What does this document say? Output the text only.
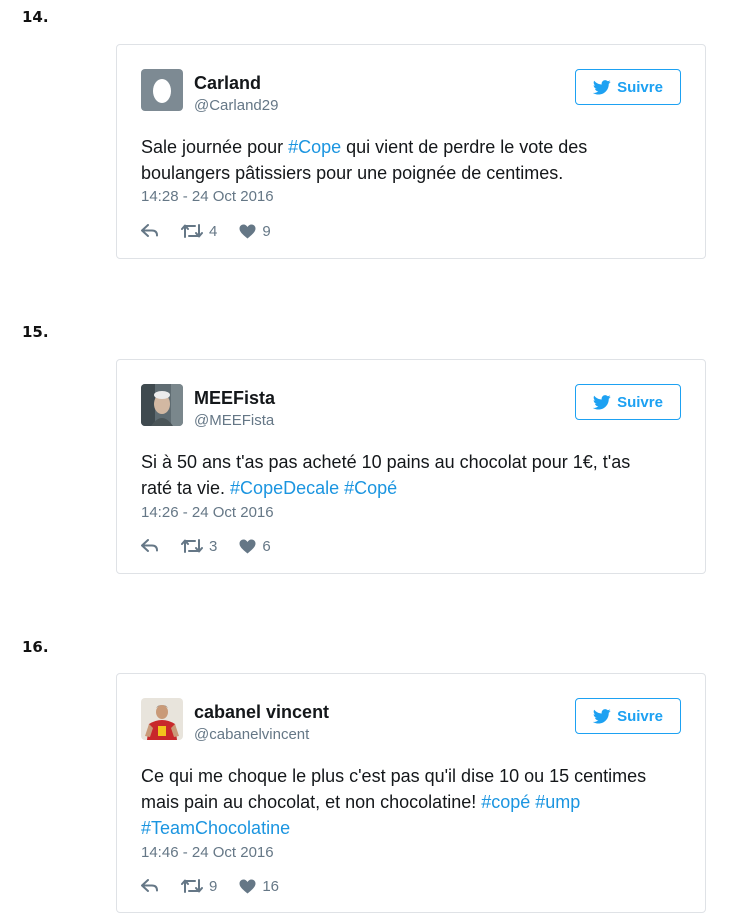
14.
Carland
@Carland29
Suivre
Sale journée pour #Cope qui vient de perdre le vote des
boulangers pâtissiers pour une poignée de centimes.
14:28 - 24 Oct 2016
4	9
15.
MEEFista
@MEEFista
Suivre
Si à 50 ans t'as pas acheté 10 pains au chocolat pour 1€, t'as
raté ta vie. #CopeDecale #Copé
14:26 - 24 Oct 2016
3	6
16.
cabanel vincent
@cabanelvincent
Suivre
Ce qui me choque le plus c'est pas qu'il dise 10 ou 15 centimes
mais pain au chocolat, et non chocolatine! #copé #ump
#TeamChocolatine
14:46 - 24 Oct 2016
9	16
